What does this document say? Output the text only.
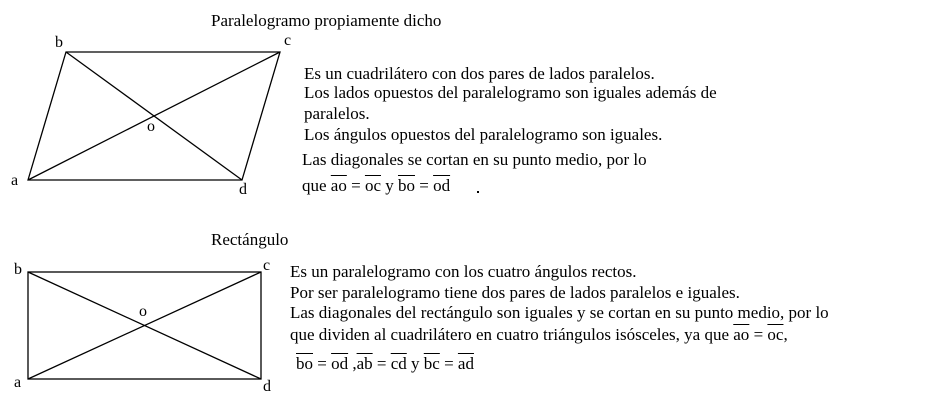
Paralelogramo propiamente dicho
b	c
a
d
o
Es un cuadrilátero con dos pares de lados paralelos.
Los lados opuestos del paralelogramo son iguales además de
paralelos.
Los ángulos opuestos del paralelogramo son iguales.
Las diagonales se cortan en su punto medio, por lo
que $\overline{ao} = \overline{oc}$ y $\overline{bo} = \overline{od}$
Rectángulo
b	c
a	d
o
Es un paralelogramo con los cuatro ángulos rectos.
Por ser paralelogramo tiene dos pares de lados paralelos e iguales.
Las diagonales del rectángulo son iguales y se cortan en su punto medio, por lo
que dividen al cuadrilátero en cuatro triángulos isósceles, ya que $\overline{ao} = \overline{oc}$,
$\overline{bo} = \overline{od}$ $,\overline{ab} = \overline{cd}$ y $\overline{bc} = \overline{ad}$
